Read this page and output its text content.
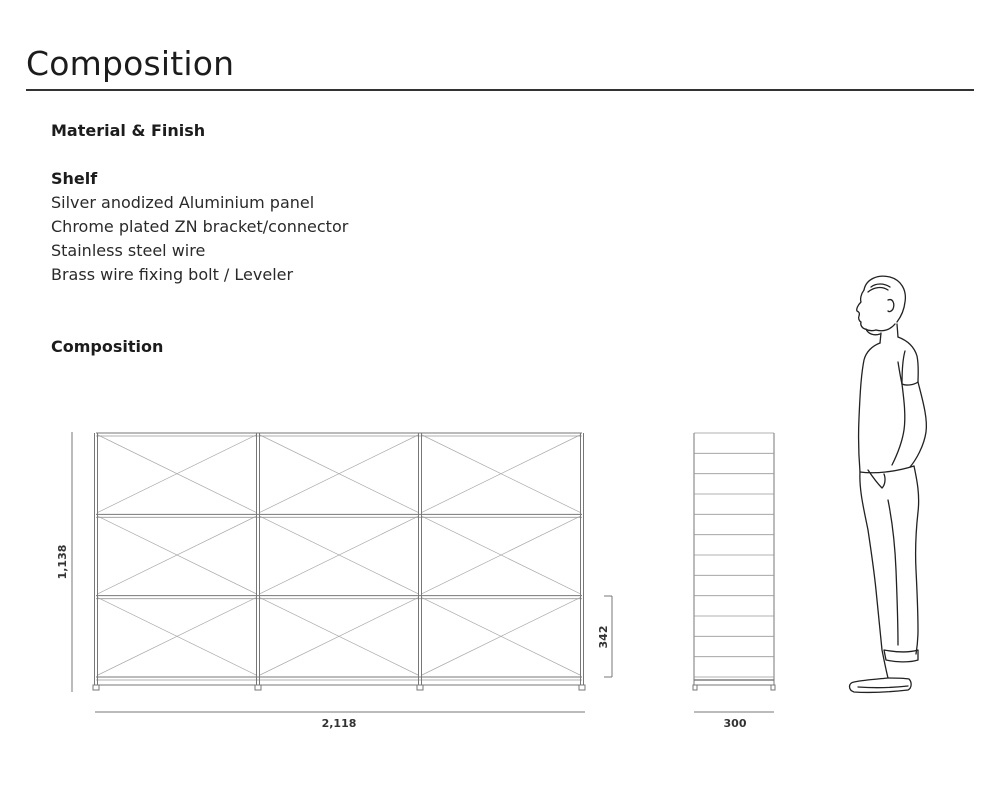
Composition
Material & Finish
Shelf
Silver anodized Aluminium panel
Chrome plated ZN bracket/connector
Stainless steel wire
Brass wire fixing bolt / Leveler
Composition
1,138
2,118
342
300
